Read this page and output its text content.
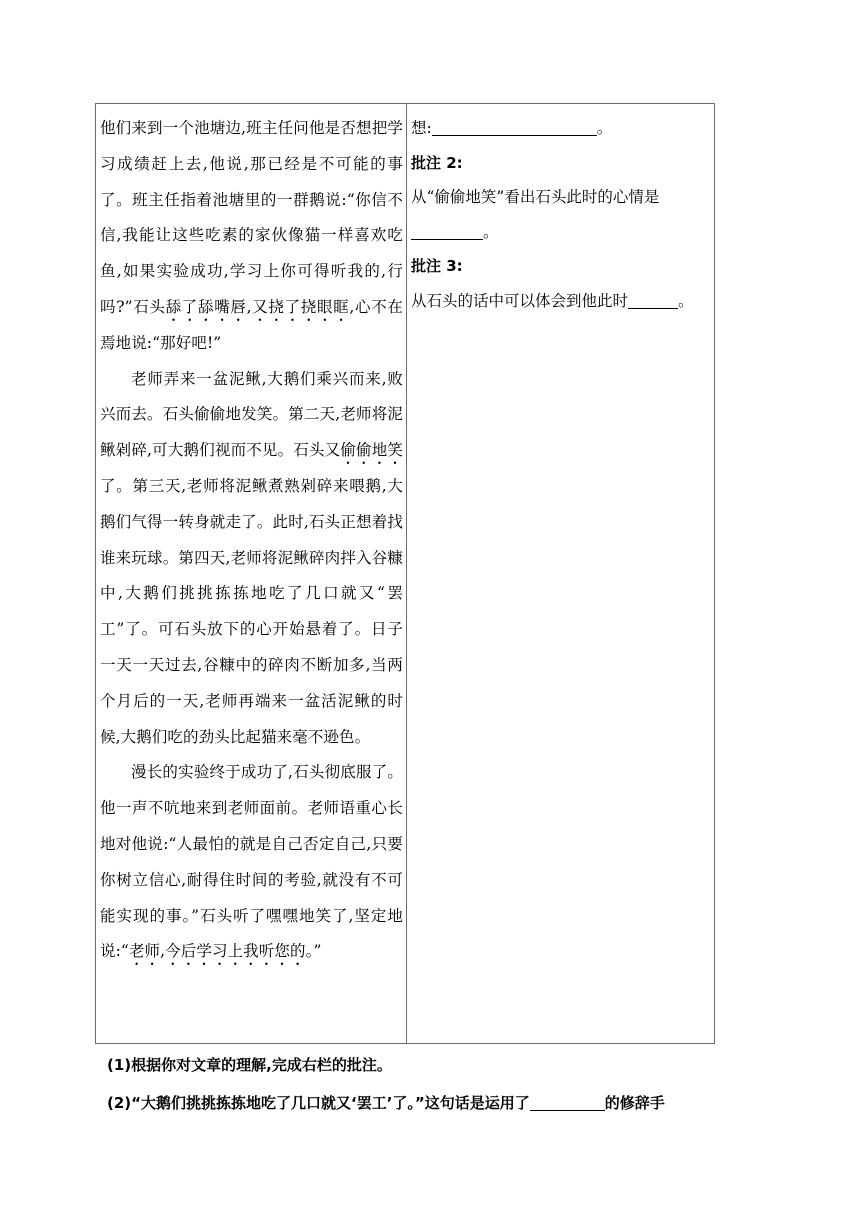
他们来到一个池塘边,班主任问他是否想把学习成绩赶上去,他说,那已经是不可能的事了。班主任指着池塘里的一群鹅说:“你信不信,我能让这些吃素的家伙像猫一样喜欢吃鱼,如果实验成功,学习上你可得听我的,行吗?”石头舔了舔嘴唇,又挠了挠眼眶,心不在焉地说:“那好吧!”

老师弄来一盆泥鳅,大鹅们乘兴而来,败兴而去。石头偷偷地发笑。第二天,老师将泥鳅剁碎,可大鹅们视而不见。石头又偷偷地笑了。第三天,老师将泥鳅煮熟剁碎来喂鹅,大鹅们气得一转身就走了。此时,石头正想着找谁来玩球。第四天,老师将泥鳅碎肉拌入谷糠中,大鹅们挑挑拣拣地吃了几口就又“罢工”了。可石头放下的心开始悬着了。日子一天一天过去,谷糠中的碎肉不断加多,当两个月后的一天,老师再端来一盆活泥鳅的时候,大鹅们吃的劲头比起猫来毫不逊色。

漫长的实验终于成功了,石头彻底服了。他一声不吭地来到老师面前。老师语重心长地对他说:“人最怕的就是自己否定自己,只要你树立信心,耐得住时间的考验,就没有不可能实现的事。”石头听了嘿嘿地笑了,坚定地说:“老师,今后学习上我听您的。”

想:	。

批注 2:

从“偷偷地笑”看出石头此时的心情是。

批注 3:

从石头的话中可以体会到他此时	。

(1)根据你对文章的理解,完成右栏的批注。

(2)“大鹅们挑挑拣拣地吃了几口就又‘罢工’了。”这句话是运用了	的修辞手
